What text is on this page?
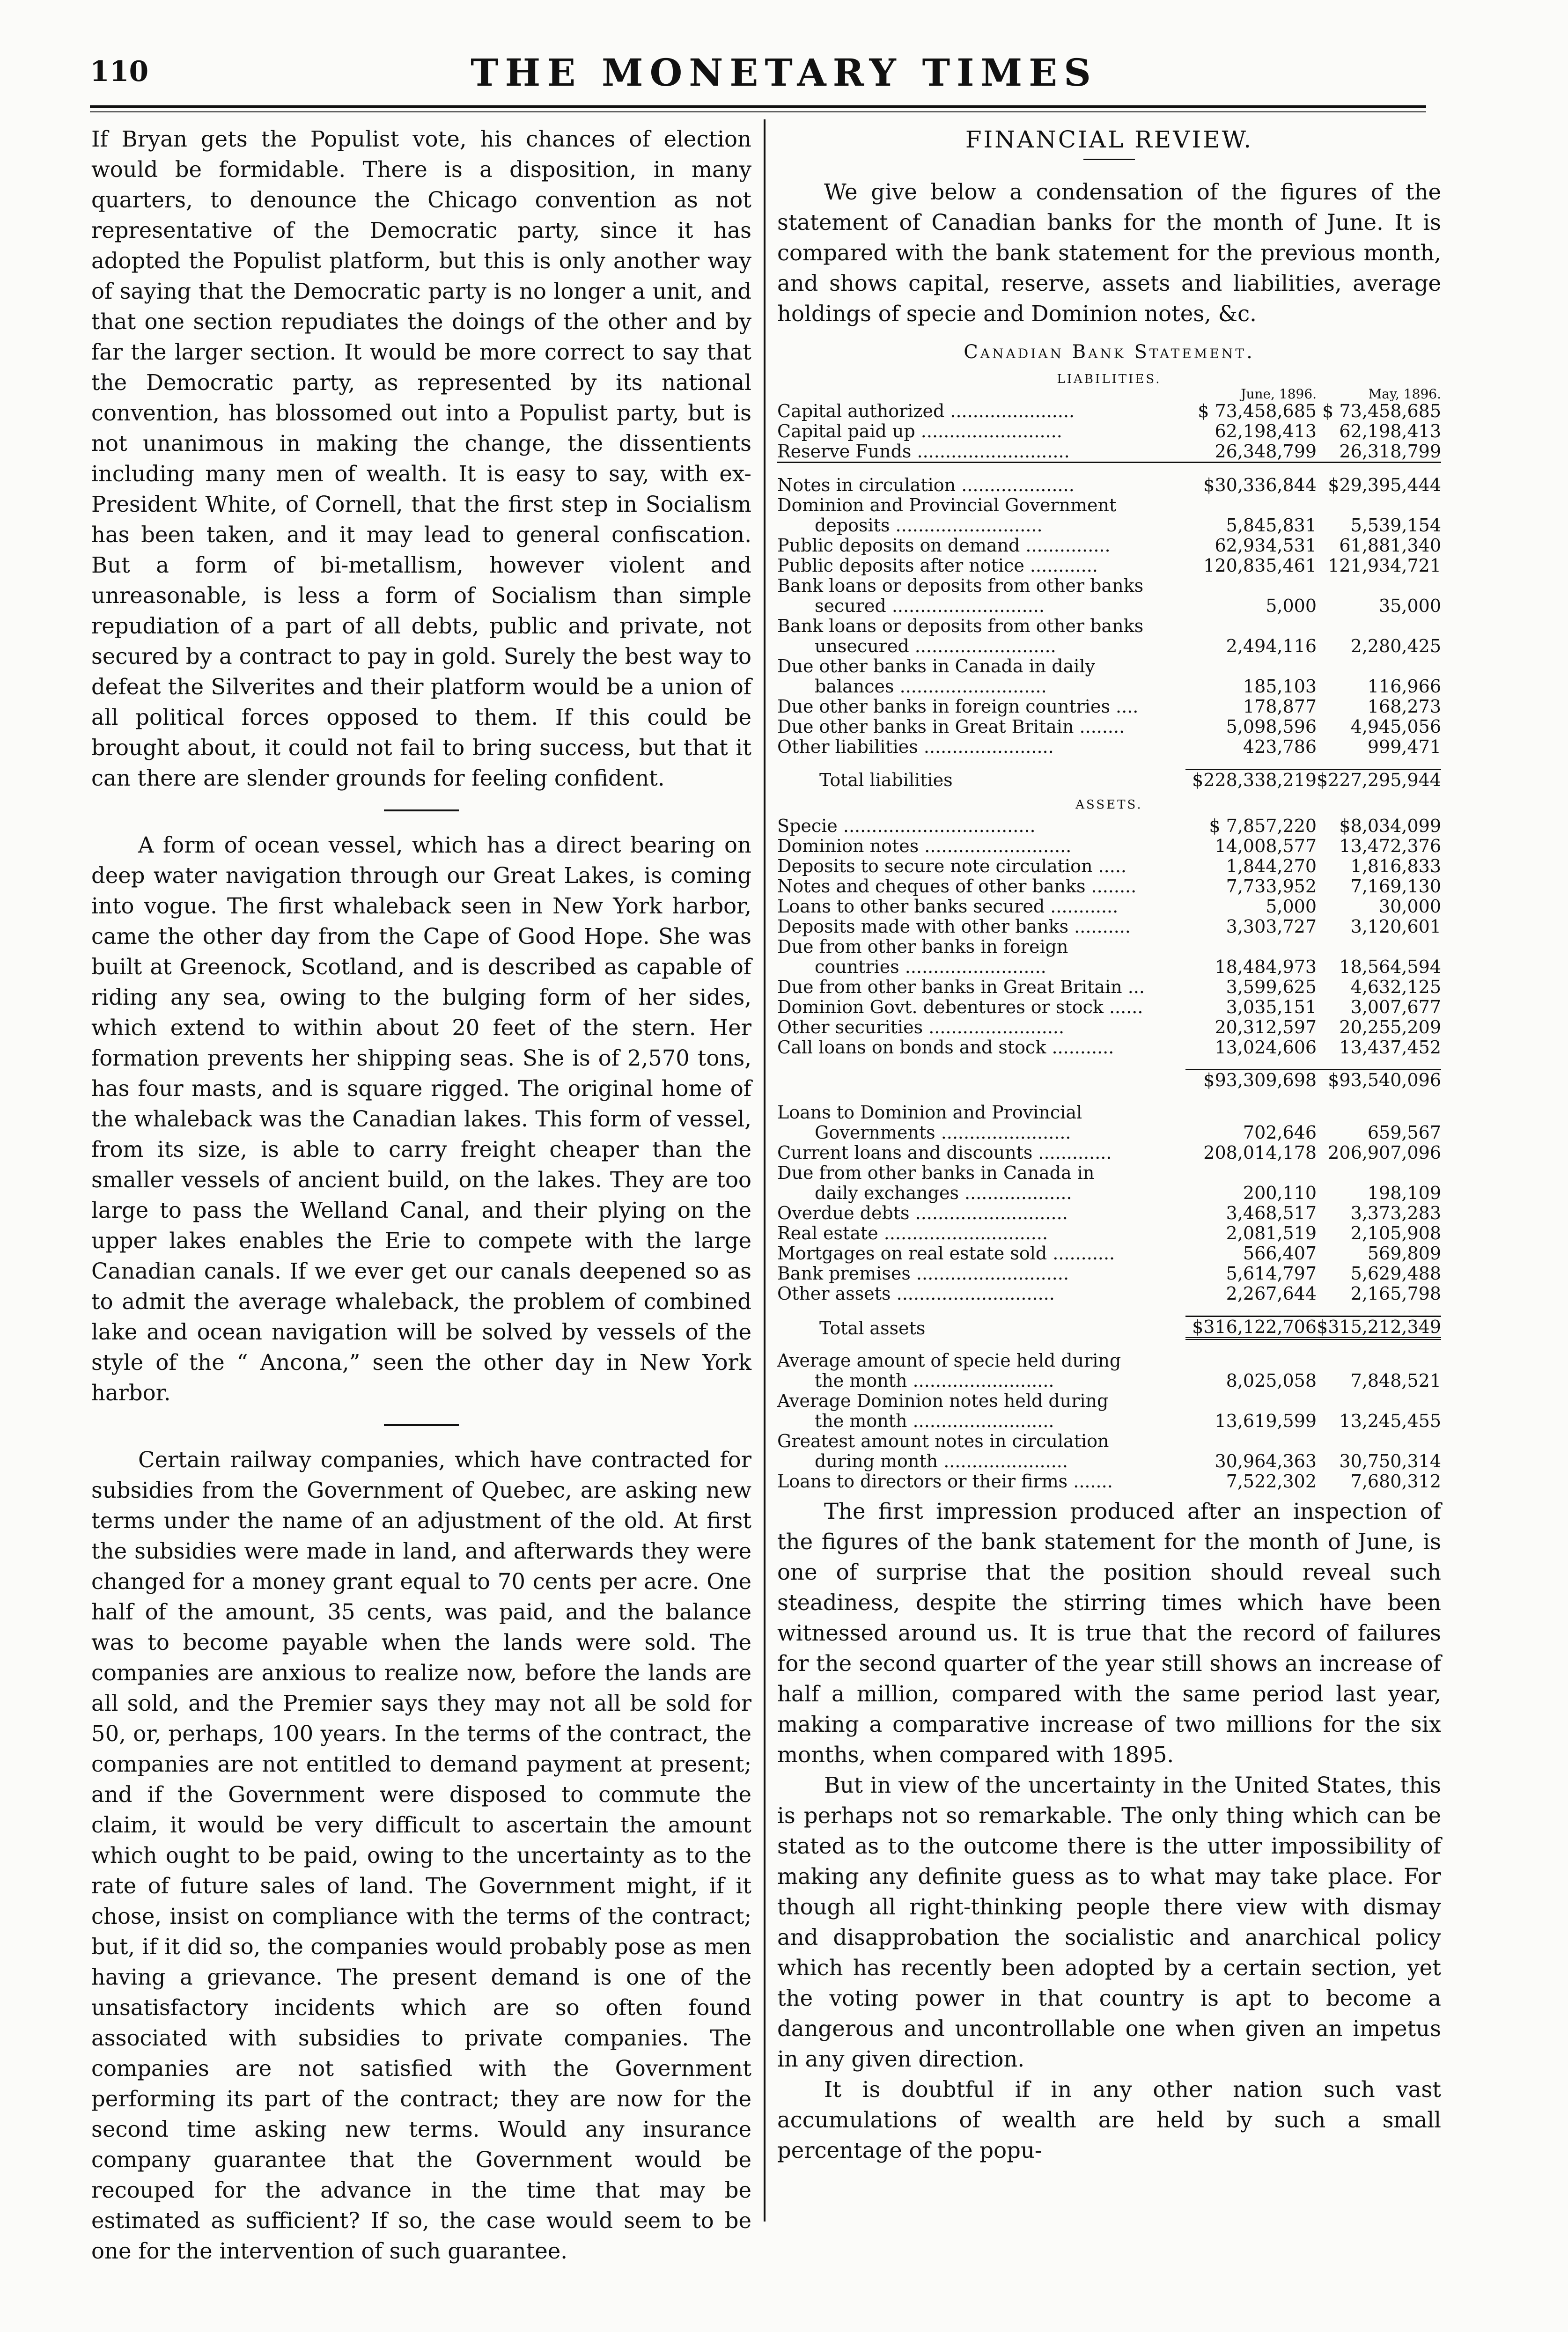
110	THE MONETARY TIMES

If Bryan gets the Populist vote, his chances of election would be formidable. There is a disposition, in many quarters, to denounce the Chicago convention as not representative of the Democratic party, since it has adopted the Populist platform, but this is only another way of saying that the Democratic party is no longer a unit, and that one section repudiates the doings of the other and by far the larger section. It would be more correct to say that the Democratic party, as represented by its national convention, has blossomed out into a Populist party, but is not unanimous in making the change, the dissentients including many men of wealth. It is easy to say, with ex-President White, of Cornell, that the first step in Socialism has been taken, and it may lead to general confiscation. But a form of bi-metallism, however violent and unreasonable, is less a form of Socialism than simple repudiation of a part of all debts, public and private, not secured by a contract to pay in gold. Surely the best way to defeat the Silverites and their platform would be a union of all political forces opposed to them. If this could be brought about, it could not fail to bring success, but that it can there are slender grounds for feeling confident.

A form of ocean vessel, which has a direct bearing on deep water navigation through our Great Lakes, is coming into vogue. The first whaleback seen in New York harbor, came the other day from the Cape of Good Hope. She was built at Greenock, Scotland, and is described as capable of riding any sea, owing to the bulging form of her sides, which extend to within about 20 feet of the stern. Her formation prevents her shipping seas. She is of 2,570 tons, has four masts, and is square rigged. The original home of the whaleback was the Canadian lakes. This form of vessel, from its size, is able to carry freight cheaper than the smaller vessels of ancient build, on the lakes. They are too large to pass the Welland Canal, and their plying on the upper lakes enables the Erie to compete with the large Canadian canals. If we ever get our canals deepened so as to admit the average whaleback, the problem of combined lake and ocean navigation will be solved by vessels of the style of the “ Ancona,” seen the other day in New York harbor.

Certain railway companies, which have contracted for subsidies from the Government of Quebec, are asking new terms under the name of an adjustment of the old. At first the subsidies were made in land, and afterwards they were changed for a money grant equal to 70 cents per acre. One half of the amount, 35 cents, was paid, and the balance was to become payable when the lands were sold. The companies are anxious to realize now, before the lands are all sold, and the Premier says they may not all be sold for 50, or, perhaps, 100 years. In the terms of the contract, the companies are not entitled to demand payment at present; and if the Government were disposed to commute the claim, it would be very difficult to ascertain the amount which ought to be paid, owing to the uncertainty as to the rate of future sales of land. The Government might, if it chose, insist on compliance with the terms of the contract; but, if it did so, the companies would probably pose as men having a grievance. The present demand is one of the unsatisfactory incidents which are so often found associated with subsidies to private companies. The companies are not satisfied with the Government performing its part of the contract; they are now for the second time asking new terms. Would any insurance company guarantee that the Government would be recouped for the advance in the time that may be estimated as sufficient? If so, the case would seem to be one for the intervention of such guarantee.

FINANCIAL REVIEW.

We give below a condensation of the figures of the statement of Canadian banks for the month of June. It is compared with the bank statement for the previous month, and shows capital, reserve, assets and liabilities, average holdings of specie and Dominion notes, &c.

Canadian Bank Statement.
LIABILITIES.
	June, 1896.	May, 1896.
Capital authorized ......................	$ 73,458,685	$ 73,458,685
Capital paid up .........................	62,198,413	62,198,413
Reserve Funds ...........................	26,348,799	26,318,799

Notes in circulation ....................	$30,336,844	$29,395,444
Dominion and Provincial Government		
deposits ..........................	5,845,831	5,539,154
Public deposits on demand ...............	62,934,531	61,881,340
Public deposits after notice ............	120,835,461	121,934,721
Bank loans or deposits from other banks		
secured ...........................	5,000	35,000
Bank loans or deposits from other banks		
unsecured .........................	2,494,116	2,280,425
Due other banks in Canada in daily		
balances ..........................	185,103	116,966
Due other banks in foreign countries ....	178,877	168,273
Due other banks in Great Britain ........	5,098,596	4,945,056
Other liabilities .......................	423,786	999,471

Total liabilities	$228,338,219	$227,295,944

ASSETS.		

Specie ..................................	$ 7,857,220	$8,034,099
Dominion notes ..........................	14,008,577	13,472,376
Deposits to secure note circulation .....	1,844,270	1,816,833
Notes and cheques of other banks ........	7,733,952	7,169,130
Loans to other banks secured ............	5,000	30,000
Deposits made with other banks ..........	3,303,727	3,120,601
Due from other banks in foreign		
countries .........................	18,484,973	18,564,594
Due from other banks in Great Britain ...	3,599,625	4,632,125
Dominion Govt. debentures or stock ......	3,035,151	3,007,677
Other securities ........................	20,312,597	20,255,209
Call loans on bonds and stock ...........	13,024,606	13,437,452

	$93,309,698	$93,540,096

Loans to Dominion and Provincial		
Governments .......................	702,646	659,567
Current loans and discounts .............	208,014,178	206,907,096
Due from other banks in Canada in		
daily exchanges ...................	200,110	198,109
Overdue debts ...........................	3,468,517	3,373,283
Real estate .............................	2,081,519	2,105,908
Mortgages on real estate sold ...........	566,407	569,809
Bank premises ...........................	5,614,797	5,629,488
Other assets ............................	2,267,644	2,165,798

Total assets	$316,122,706	$315,212,349

Average amount of specie held during		
the month .........................	8,025,058	7,848,521
Average Dominion notes held during		
the month .........................	13,619,599	13,245,455
Greatest amount notes in circulation		
during month ......................	30,964,363	30,750,314
Loans to directors or their firms .......	7,522,302	7,680,312

The first impression produced after an inspection of the figures of the bank statement for the month of June, is one of surprise that the position should reveal such steadiness, despite the stirring times which have been witnessed around us. It is true that the record of failures for the second quarter of the year still shows an increase of half a million, compared with the same period last year, making a comparative increase of two millions for the six months, when compared with 1895.

But in view of the uncertainty in the United States, this is perhaps not so remarkable. The only thing which can be stated as to the outcome there is the utter impossibility of making any definite guess as to what may take place. For though all right-thinking people there view with dismay and disapprobation the socialistic and anarchical policy which has recently been adopted by a certain section, yet the voting power in that country is apt to become a dangerous and uncontrollable one when given an impetus in any given direction.

It is doubtful if in any other nation such vast accumulations of wealth are held by such a small percentage of the popu-
